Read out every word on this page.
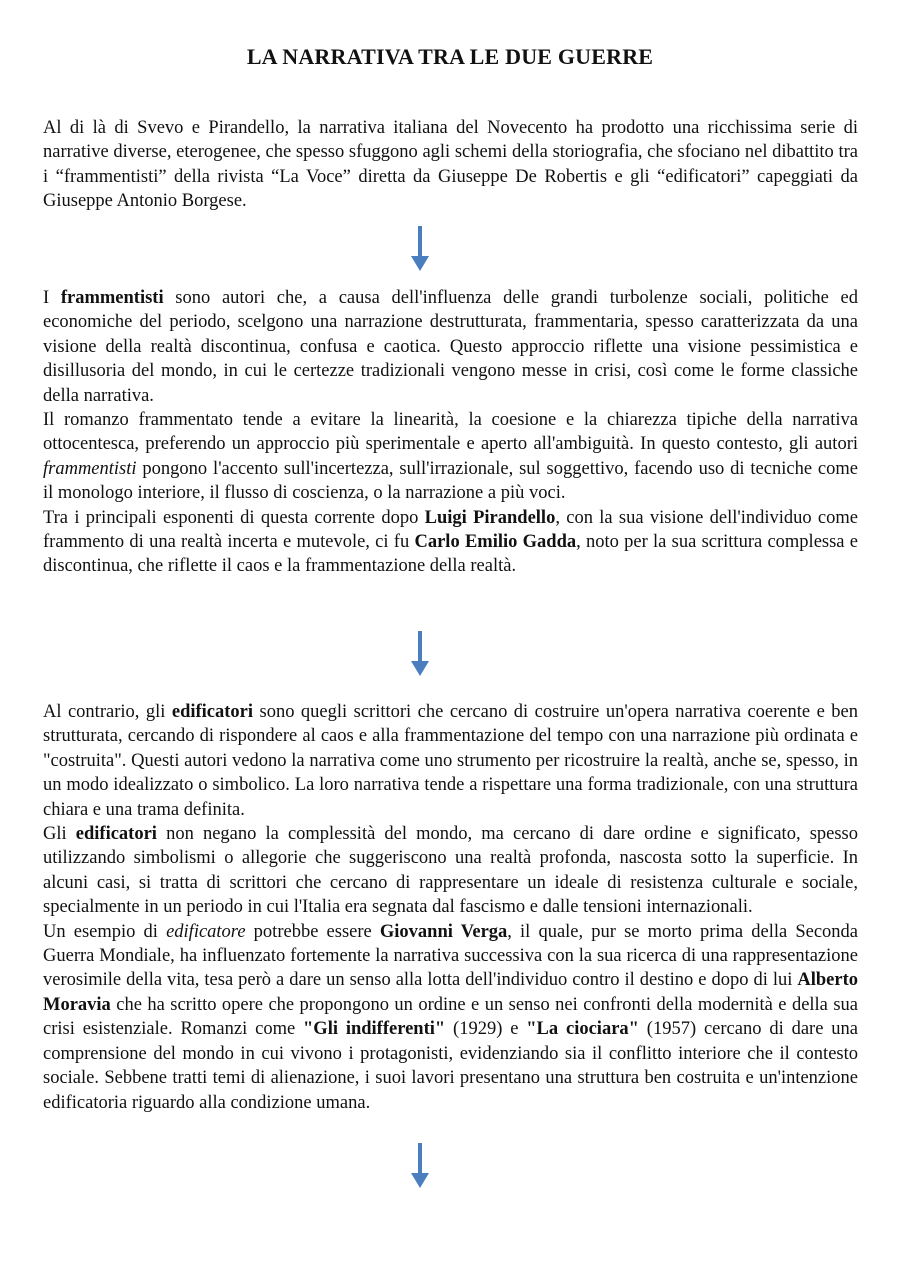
LA NARRATIVA TRA LE DUE GUERRE

Al di là di Svevo e Pirandello, la narrativa italiana del Novecento ha prodotto una ricchissima serie di narrative diverse, eterogenee, che spesso sfuggono agli schemi della storiografia, che sfociano nel dibattito tra i “frammentisti” della rivista “La Voce” diretta da Giuseppe De Robertis e gli “edificatori” capeggiati da Giuseppe Antonio Borgese.

I frammentisti sono autori che, a causa dell'influenza delle grandi turbolenze sociali, politiche ed economiche del periodo, scelgono una narrazione destrutturata, frammentaria, spesso caratterizzata da una visione della realtà discontinua, confusa e caotica. Questo approccio riflette una visione pessimistica e disillusoria del mondo, in cui le certezze tradizionali vengono messe in crisi, così come le forme classiche della narrativa.

Il romanzo frammentato tende a evitare la linearità, la coesione e la chiarezza tipiche della narrativa ottocentesca, preferendo un approccio più sperimentale e aperto all'ambiguità. In questo contesto, gli autori frammentisti pongono l'accento sull'incertezza, sull'irrazionale, sul soggettivo, facendo uso di tecniche come il monologo interiore, il flusso di coscienza, o la narrazione a più voci.

Tra i principali esponenti di questa corrente dopo Luigi Pirandello, con la sua visione dell'individuo come frammento di una realtà incerta e mutevole, ci fu Carlo Emilio Gadda, noto per la sua scrittura complessa e discontinua, che riflette il caos e la frammentazione della realtà.

Al contrario, gli edificatori sono quegli scrittori che cercano di costruire un'opera narrativa coerente e ben strutturata, cercando di rispondere al caos e alla frammentazione del tempo con una narrazione più ordinata e "costruita". Questi autori vedono la narrativa come uno strumento per ricostruire la realtà, anche se, spesso, in un modo idealizzato o simbolico. La loro narrativa tende a rispettare una forma tradizionale, con una struttura chiara e una trama definita.

Gli edificatori non negano la complessità del mondo, ma cercano di dare ordine e significato, spesso utilizzando simbolismi o allegorie che suggeriscono una realtà profonda, nascosta sotto la superficie. In alcuni casi, si tratta di scrittori che cercano di rappresentare un ideale di resistenza culturale e sociale, specialmente in un periodo in cui l'Italia era segnata dal fascismo e dalle tensioni internazionali.

Un esempio di edificatore potrebbe essere Giovanni Verga, il quale, pur se morto prima della Seconda Guerra Mondiale, ha influenzato fortemente la narrativa successiva con la sua ricerca di una rappresentazione verosimile della vita, tesa però a dare un senso alla lotta dell'individuo contro il destino e dopo di lui Alberto Moravia che ha scritto opere che propongono un ordine e un senso nei confronti della modernità e della sua crisi esistenziale. Romanzi come "Gli indifferenti" (1929) e "La ciociara" (1957) cercano di dare una comprensione del mondo in cui vivono i protagonisti, evidenziando sia il conflitto interiore che il contesto sociale. Sebbene tratti temi di alienazione, i suoi lavori presentano una struttura ben costruita e un'intenzione edificatoria riguardo alla condizione umana.
